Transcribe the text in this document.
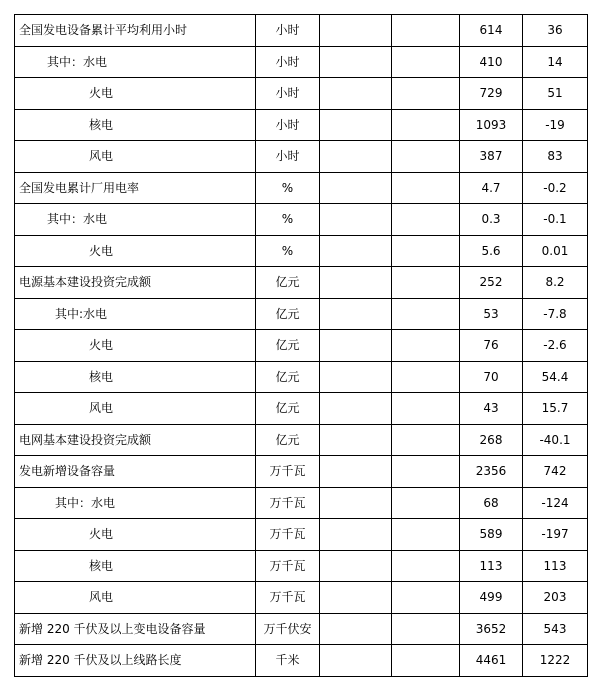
全国发电设备累计平均利用小时	小时			614	36
其中：水电	小时			410	14
火电	小时			729	51
核电	小时			1093	-19
风电	小时			387	83
全国发电累计厂用电率	%			4.7	-0.2
其中：水电	%			0.3	-0.1
火电	%			5.6	0.01
电源基本建设投资完成额	亿元			252	8.2
其中:水电	亿元			53	-7.8
火电	亿元			76	-2.6
核电	亿元			70	54.4
风电	亿元			43	15.7
电网基本建设投资完成额	亿元			268	-40.1
发电新增设备容量	万千瓦			2356	742
其中：水电	万千瓦			68	-124
火电	万千瓦			589	-197
核电	万千瓦			113	113
风电	万千瓦			499	203
新增 220 千伏及以上变电设备容量	万千伏安			3652	543
新增 220 千伏及以上线路长度	千米			4461	1222
